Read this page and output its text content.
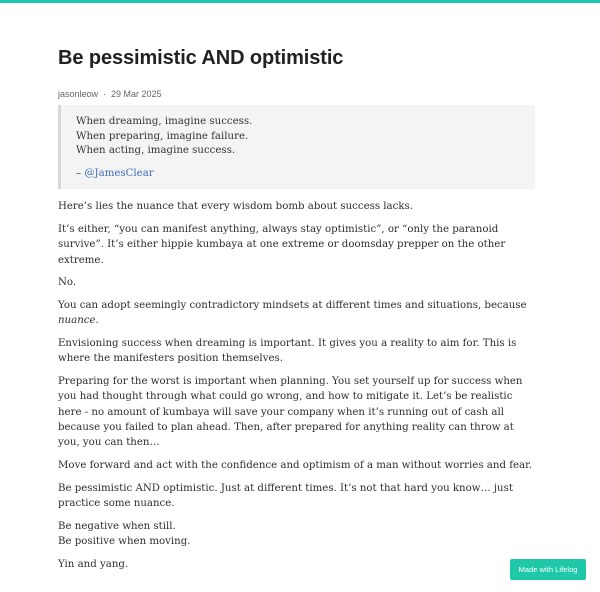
Be pessimistic AND optimistic
jasonleow · 29 Mar 2025
When dreaming, imagine success.
When preparing, imagine failure.
When acting, imagine success.
– @JamesClear

Here’s lies the nuance that every wisdom bomb about success lacks.

It’s either, “you can manifest anything, always stay optimistic”, or “only the paranoid survive”. It’s either hippie kumbaya at one extreme or doomsday prepper on the other extreme.

No.

You can adopt seemingly contradictory mindsets at different times and situations, because nuance.

Envisioning success when dreaming is important. It gives you a reality to aim for. This is where the manifesters position themselves.

Preparing for the worst is important when planning. You set yourself up for success when you had thought through what could go wrong, and how to mitigate it. Let’s be realistic here - no amount of kumbaya will save your company when it’s running out of cash all because you failed to plan ahead. Then, after prepared for anything reality can throw at you, you can then…

Move forward and act with the confidence and optimism of a man without worries and fear.

Be pessimistic AND optimistic. Just at different times. It’s not that hard you know… just practice some nuance.

Be negative when still.
Be positive when moving.

Yin and yang.	Made with Lifelog
